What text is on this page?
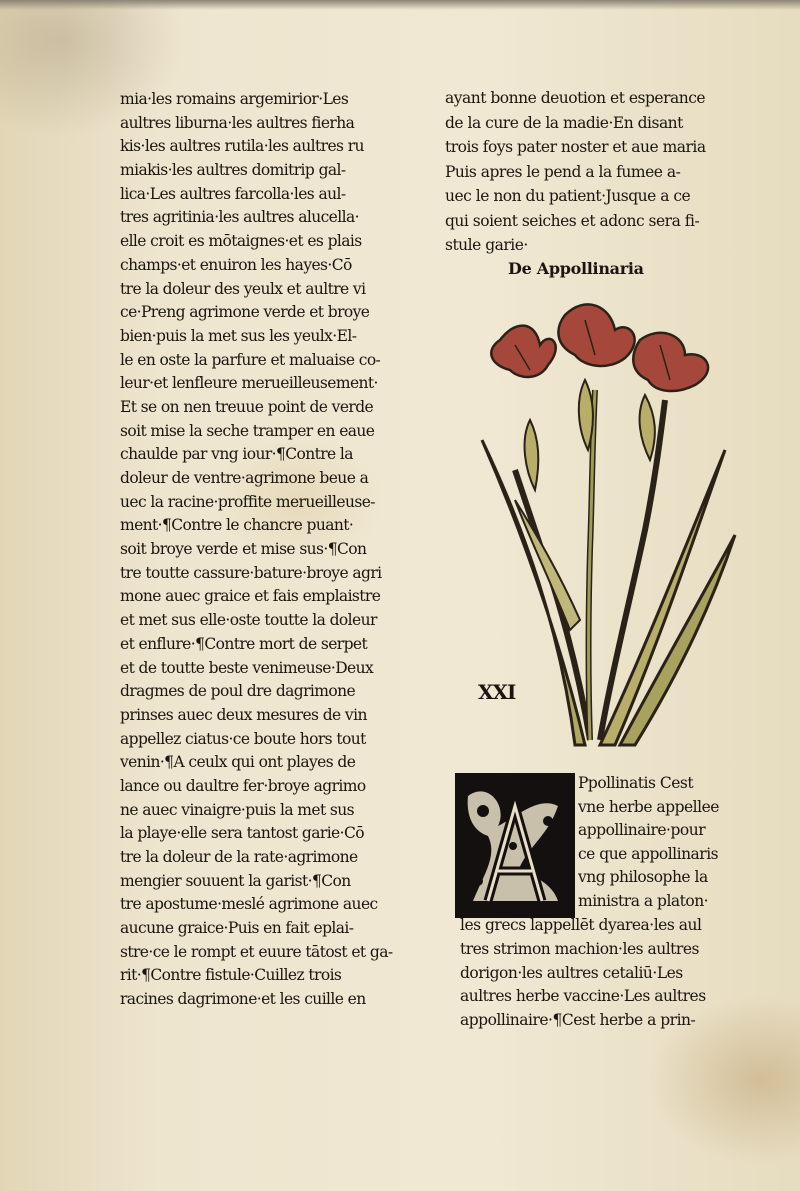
mia·les romains argemirior·Les
aultres liburna·les aultres fierha
kis·les aultres rutila·les aultres ru
miakis·les aultres domitrip gal-
lica·Les aultres farcolla·les aul-
tres agritinia·les aultres alucella·
elle croit es mōtaignes·et es plais
champs·et enuiron les hayes·Cō
tre la doleur des yeulx et aultre vi
ce·Preng agrimone verde et broye
bien·puis la met sus les yeulx·El-
le en oste la parfure et maluaise co-
leur·et lenfleure merueilleusement·
Et se on nen treuue point de verde
soit mise la seche tramper en eaue
chaulde par vng iour·¶Contre la
doleur de ventre·agrimone beue a
uec la racine·proffite merueilleuse-
ment·¶Contre le chancre puant·
soit broye verde et mise sus·¶Con
tre toutte cassure·bature·broye agri
mone auec graice et fais emplaistre
et met sus elle·oste toutte la doleur
et enflure·¶Contre mort de serpet
et de toutte beste venimeuse·Deux
dragmes de poul dre dagrimone
prinses auec deux mesures de vin
appellez ciatus·ce boute hors tout
venin·¶A ceulx qui ont playes de
lance ou daultre fer·broye agrimo
ne auec vinaigre·puis la met sus
la playe·elle sera tantost garie·Cō
tre la doleur de la rate·agrimone
mengier souuent la garist·¶Con
tre apostume·meslé agrimone auec
aucune graice·Puis en fait eplai-
stre·ce le rompt et euure tātost et ga-
rit·¶Contre fistule·Cuillez trois
racines dagrimone·et les cuille en
ayant bonne deuotion et esperance
de la cure de la madie·En disant
trois foys pater noster et aue maria
Puis apres le pend a la fumee a-
uec le non du patient·Jusque a ce
qui soient seiches et adonc sera fi-
stule garie·
De Appollinaria
XXI
Ppollinatis Cest
vne herbe appellee
appollinaire·pour
ce que appollinaris
vng philosophe la
ministra a platon·
les grecs lappellēt dyarea·les aul
tres strimon machion·les aultres
dorigon·les aultres cetaliū·Les
aultres herbe vaccine·Les aultres
appollinaire·¶Cest herbe a prin-
